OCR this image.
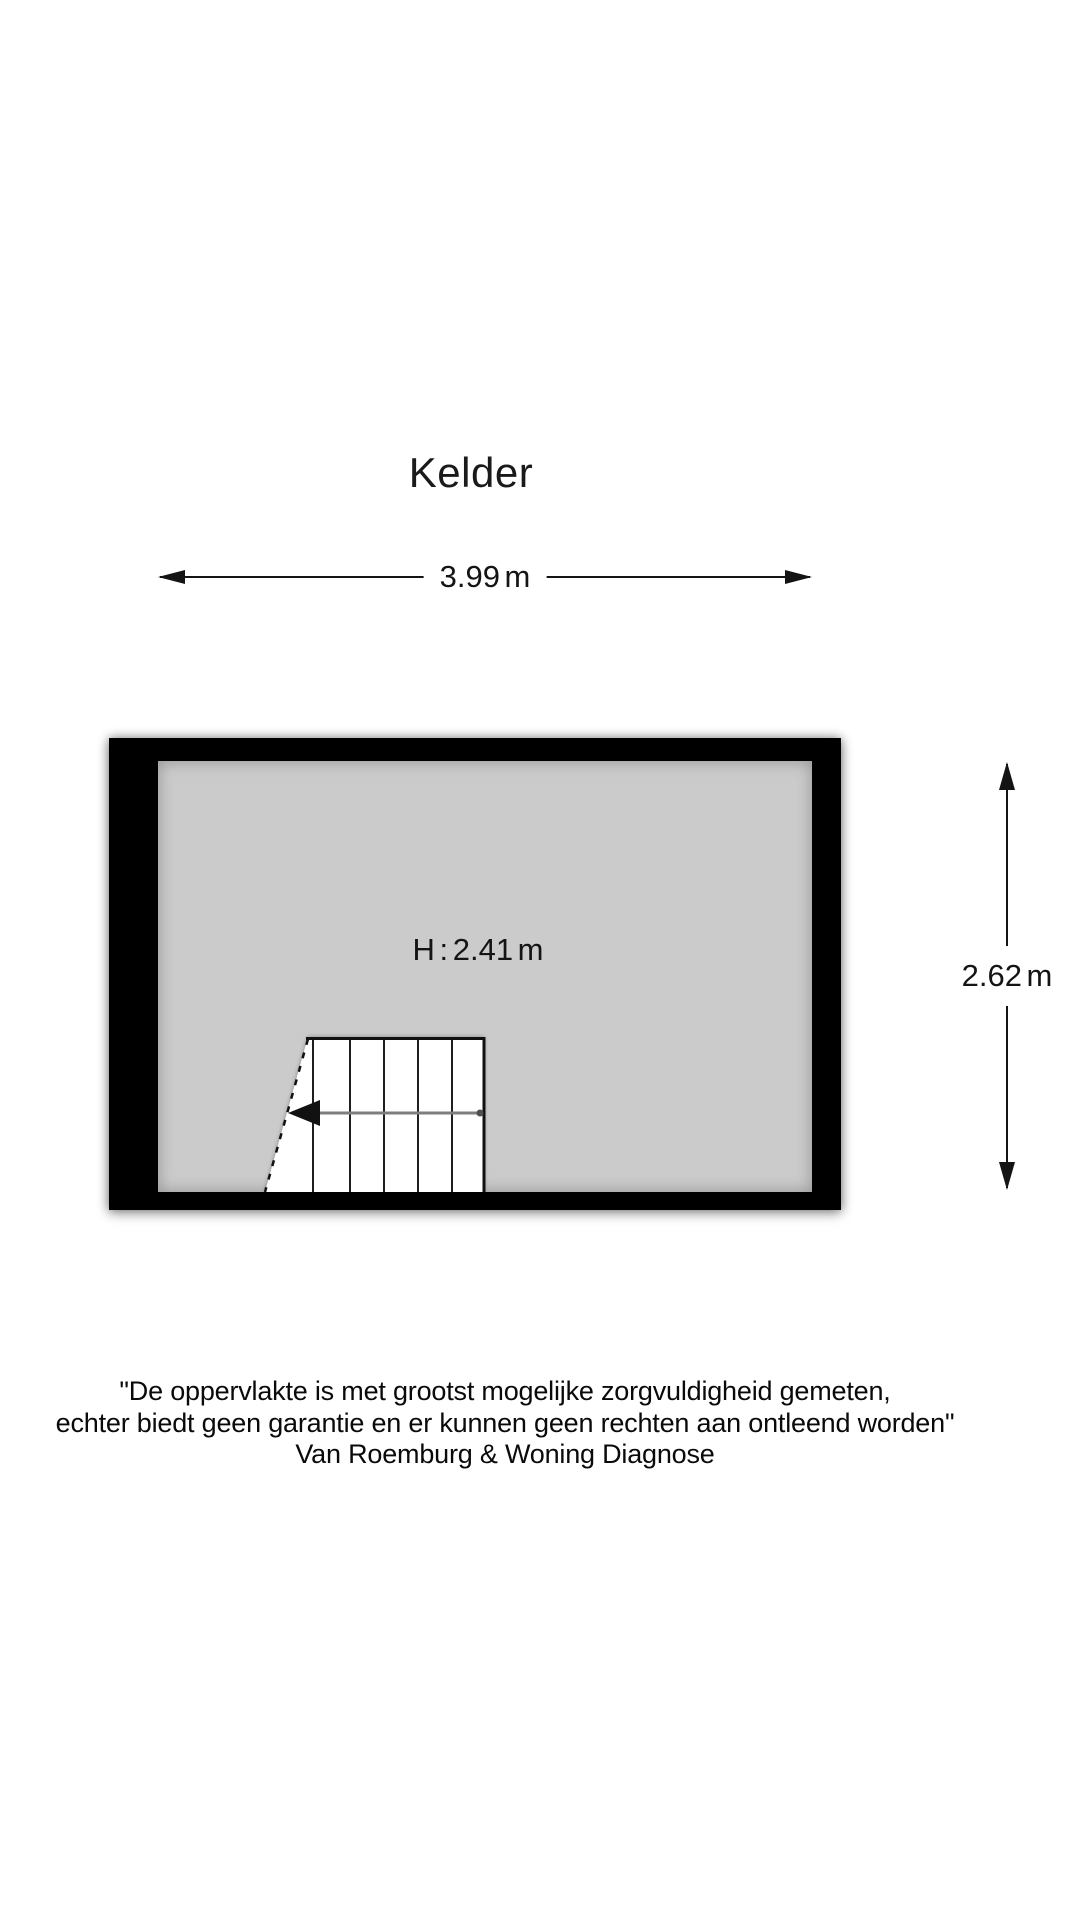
Kelder
3.99 m
H : 2.41 m
2.62 m
"De oppervlakte is met grootst mogelijke zorgvuldigheid gemeten,
echter biedt geen garantie en er kunnen geen rechten aan ontleend worden"
Van Roemburg & Woning Diagnose
